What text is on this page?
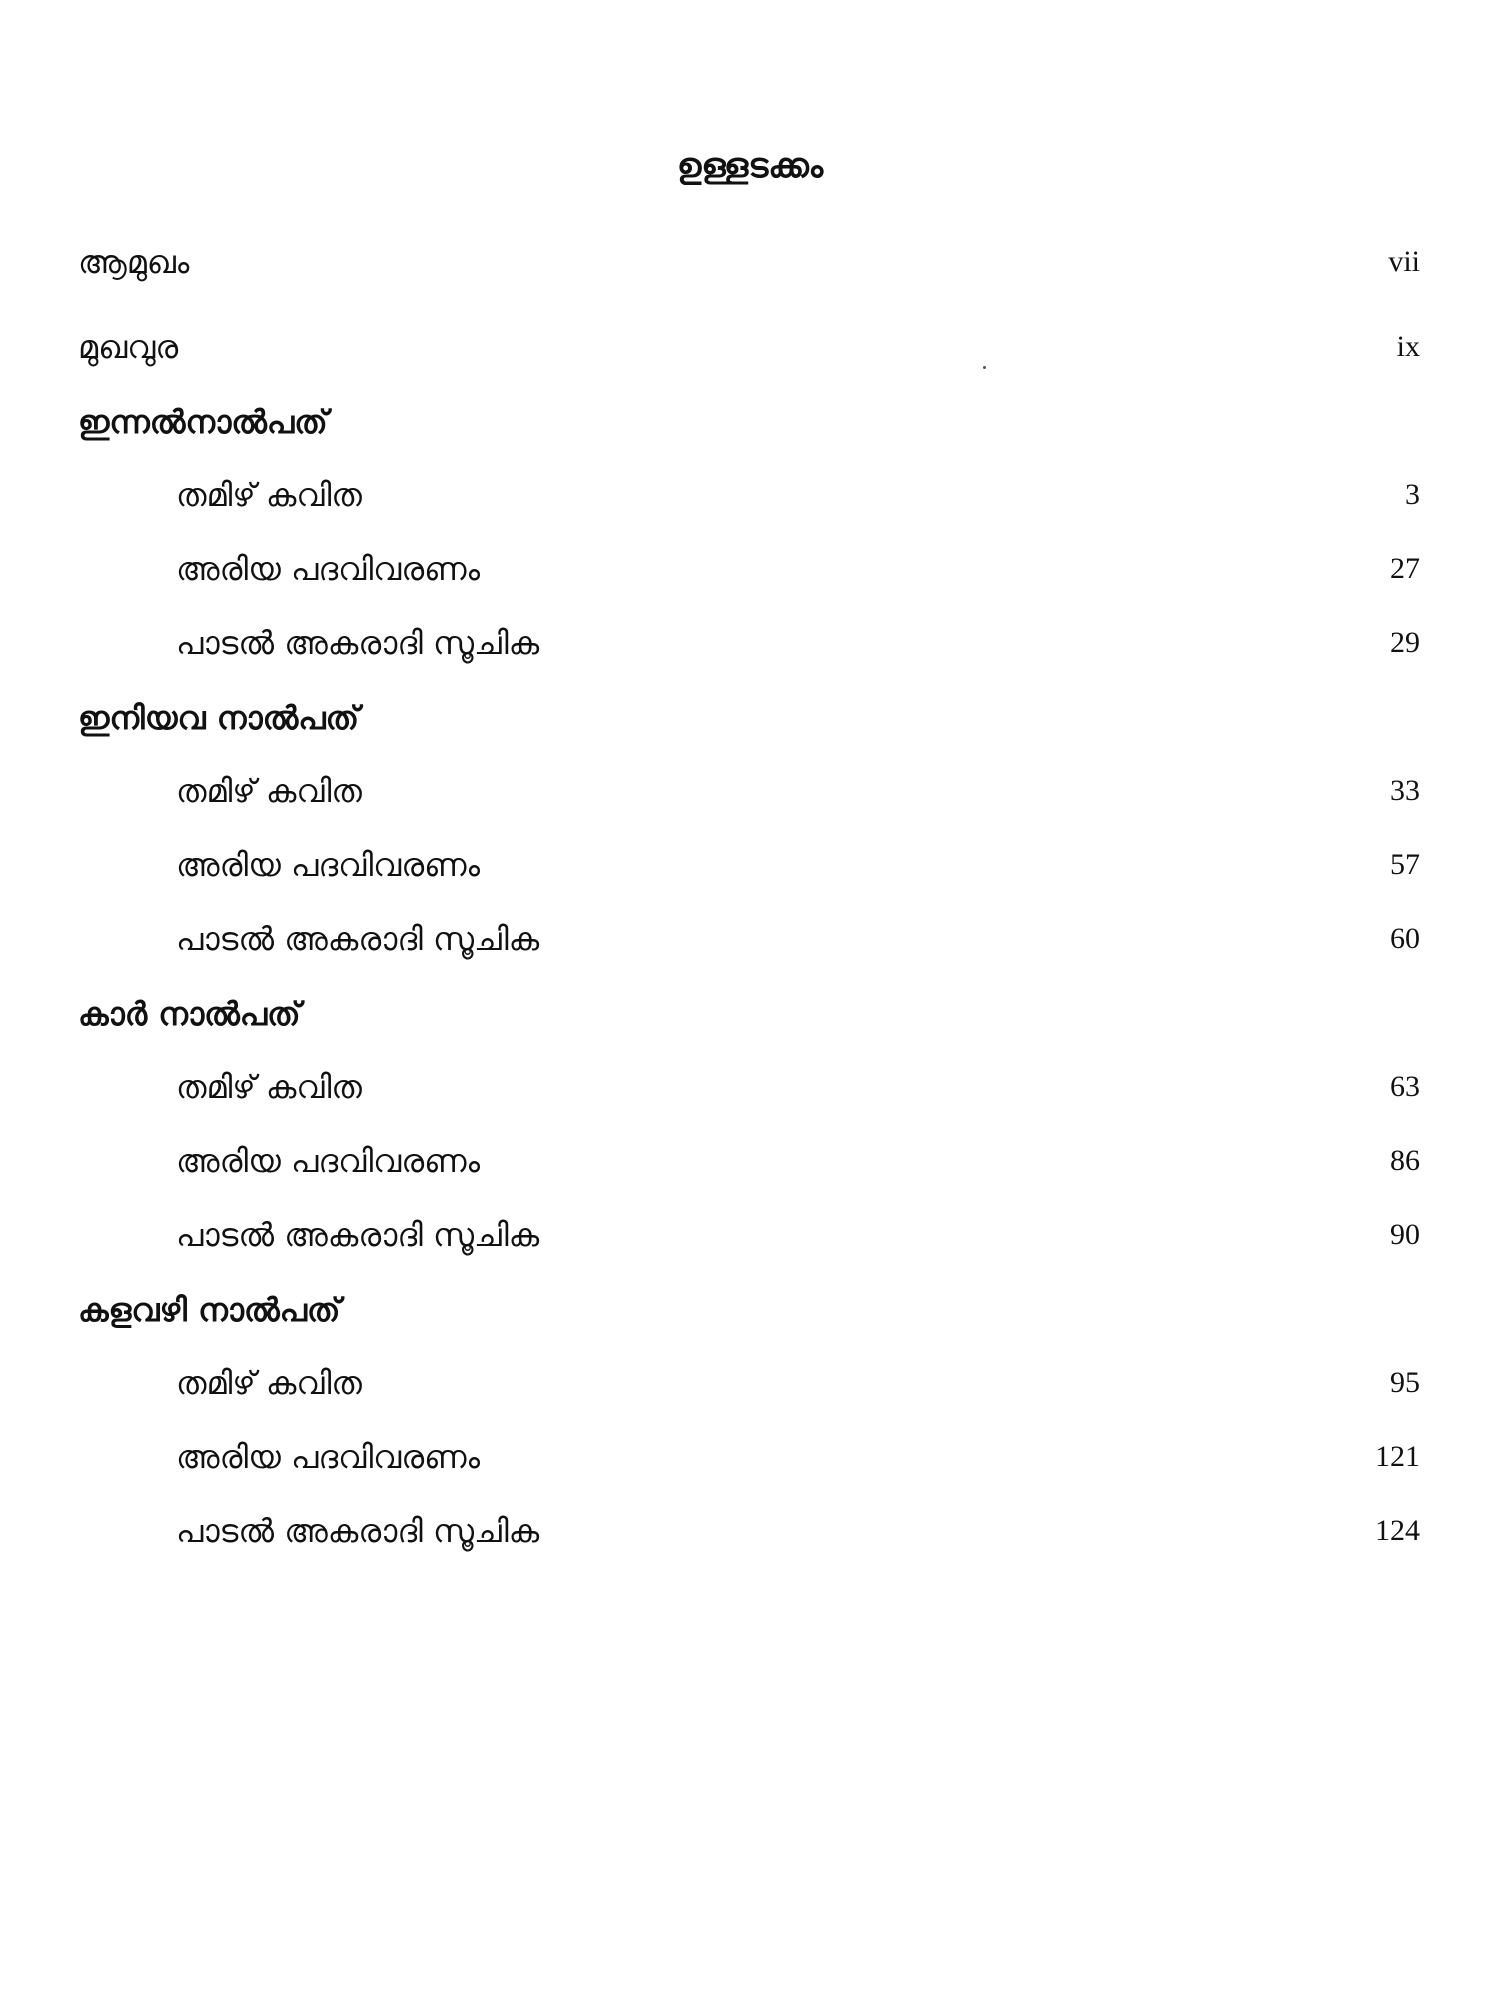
ഉള്ളടക്കം
ആമുഖം	vii
മുഖവുര	ix
ഇന്നൽനാൽപത്
തമിഴ് കവിത	3
അരിയ പദവിവരണം	27
പാടൽ അകരാദി സൂചിക	29
ഇനിയവ നാൽപത്
തമിഴ് കവിത	33
അരിയ പദവിവരണം	57
പാടൽ അകരാദി സൂചിക	60
കാർ നാൽപത്
തമിഴ് കവിത	63
അരിയ പദവിവരണം	86
പാടൽ അകരാദി സൂചിക	90
കളവഴി നാൽപത്
തമിഴ് കവിത	95
അരിയ പദവിവരണം	121
പാടൽ അകരാദി സൂചിക	124
